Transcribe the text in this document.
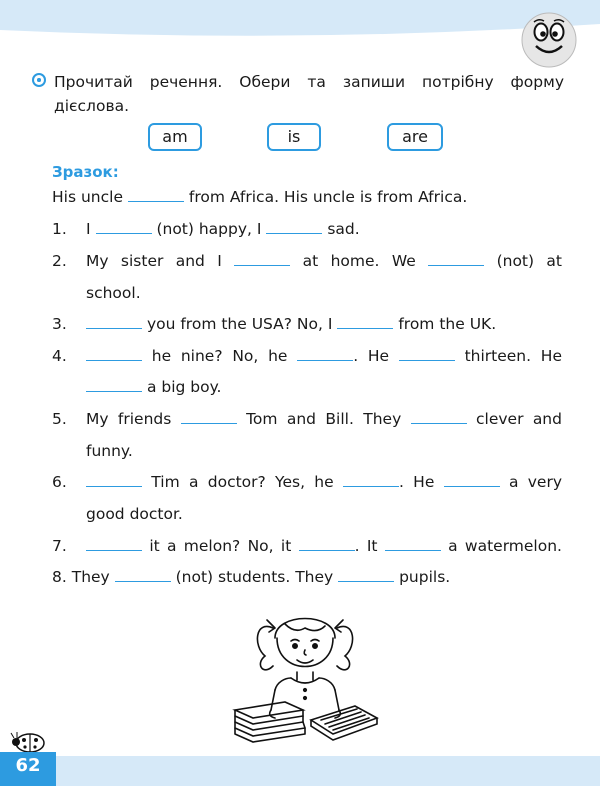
Прочитай речення. Обери та запиши потрібну форму
дієслова.
am	is	are
Зразок:
His uncle	from Africa. His uncle is from Africa.
1. I	(not) happy, I	sad.
2. My sister and I	at home. We	(not) at
school.
3.	you from the USA? No, I	from the UK.
4.	he nine? No, he	. He	thirteen. He
a big boy.
5. My friends	Tom and Bill. They	clever and
funny.
6.	Tim a doctor? Yes, he	. He	a very
good doctor.
7.	it a melon? No, it	. It	a watermelon.
8. They	(not) students. They	pupils.
62
